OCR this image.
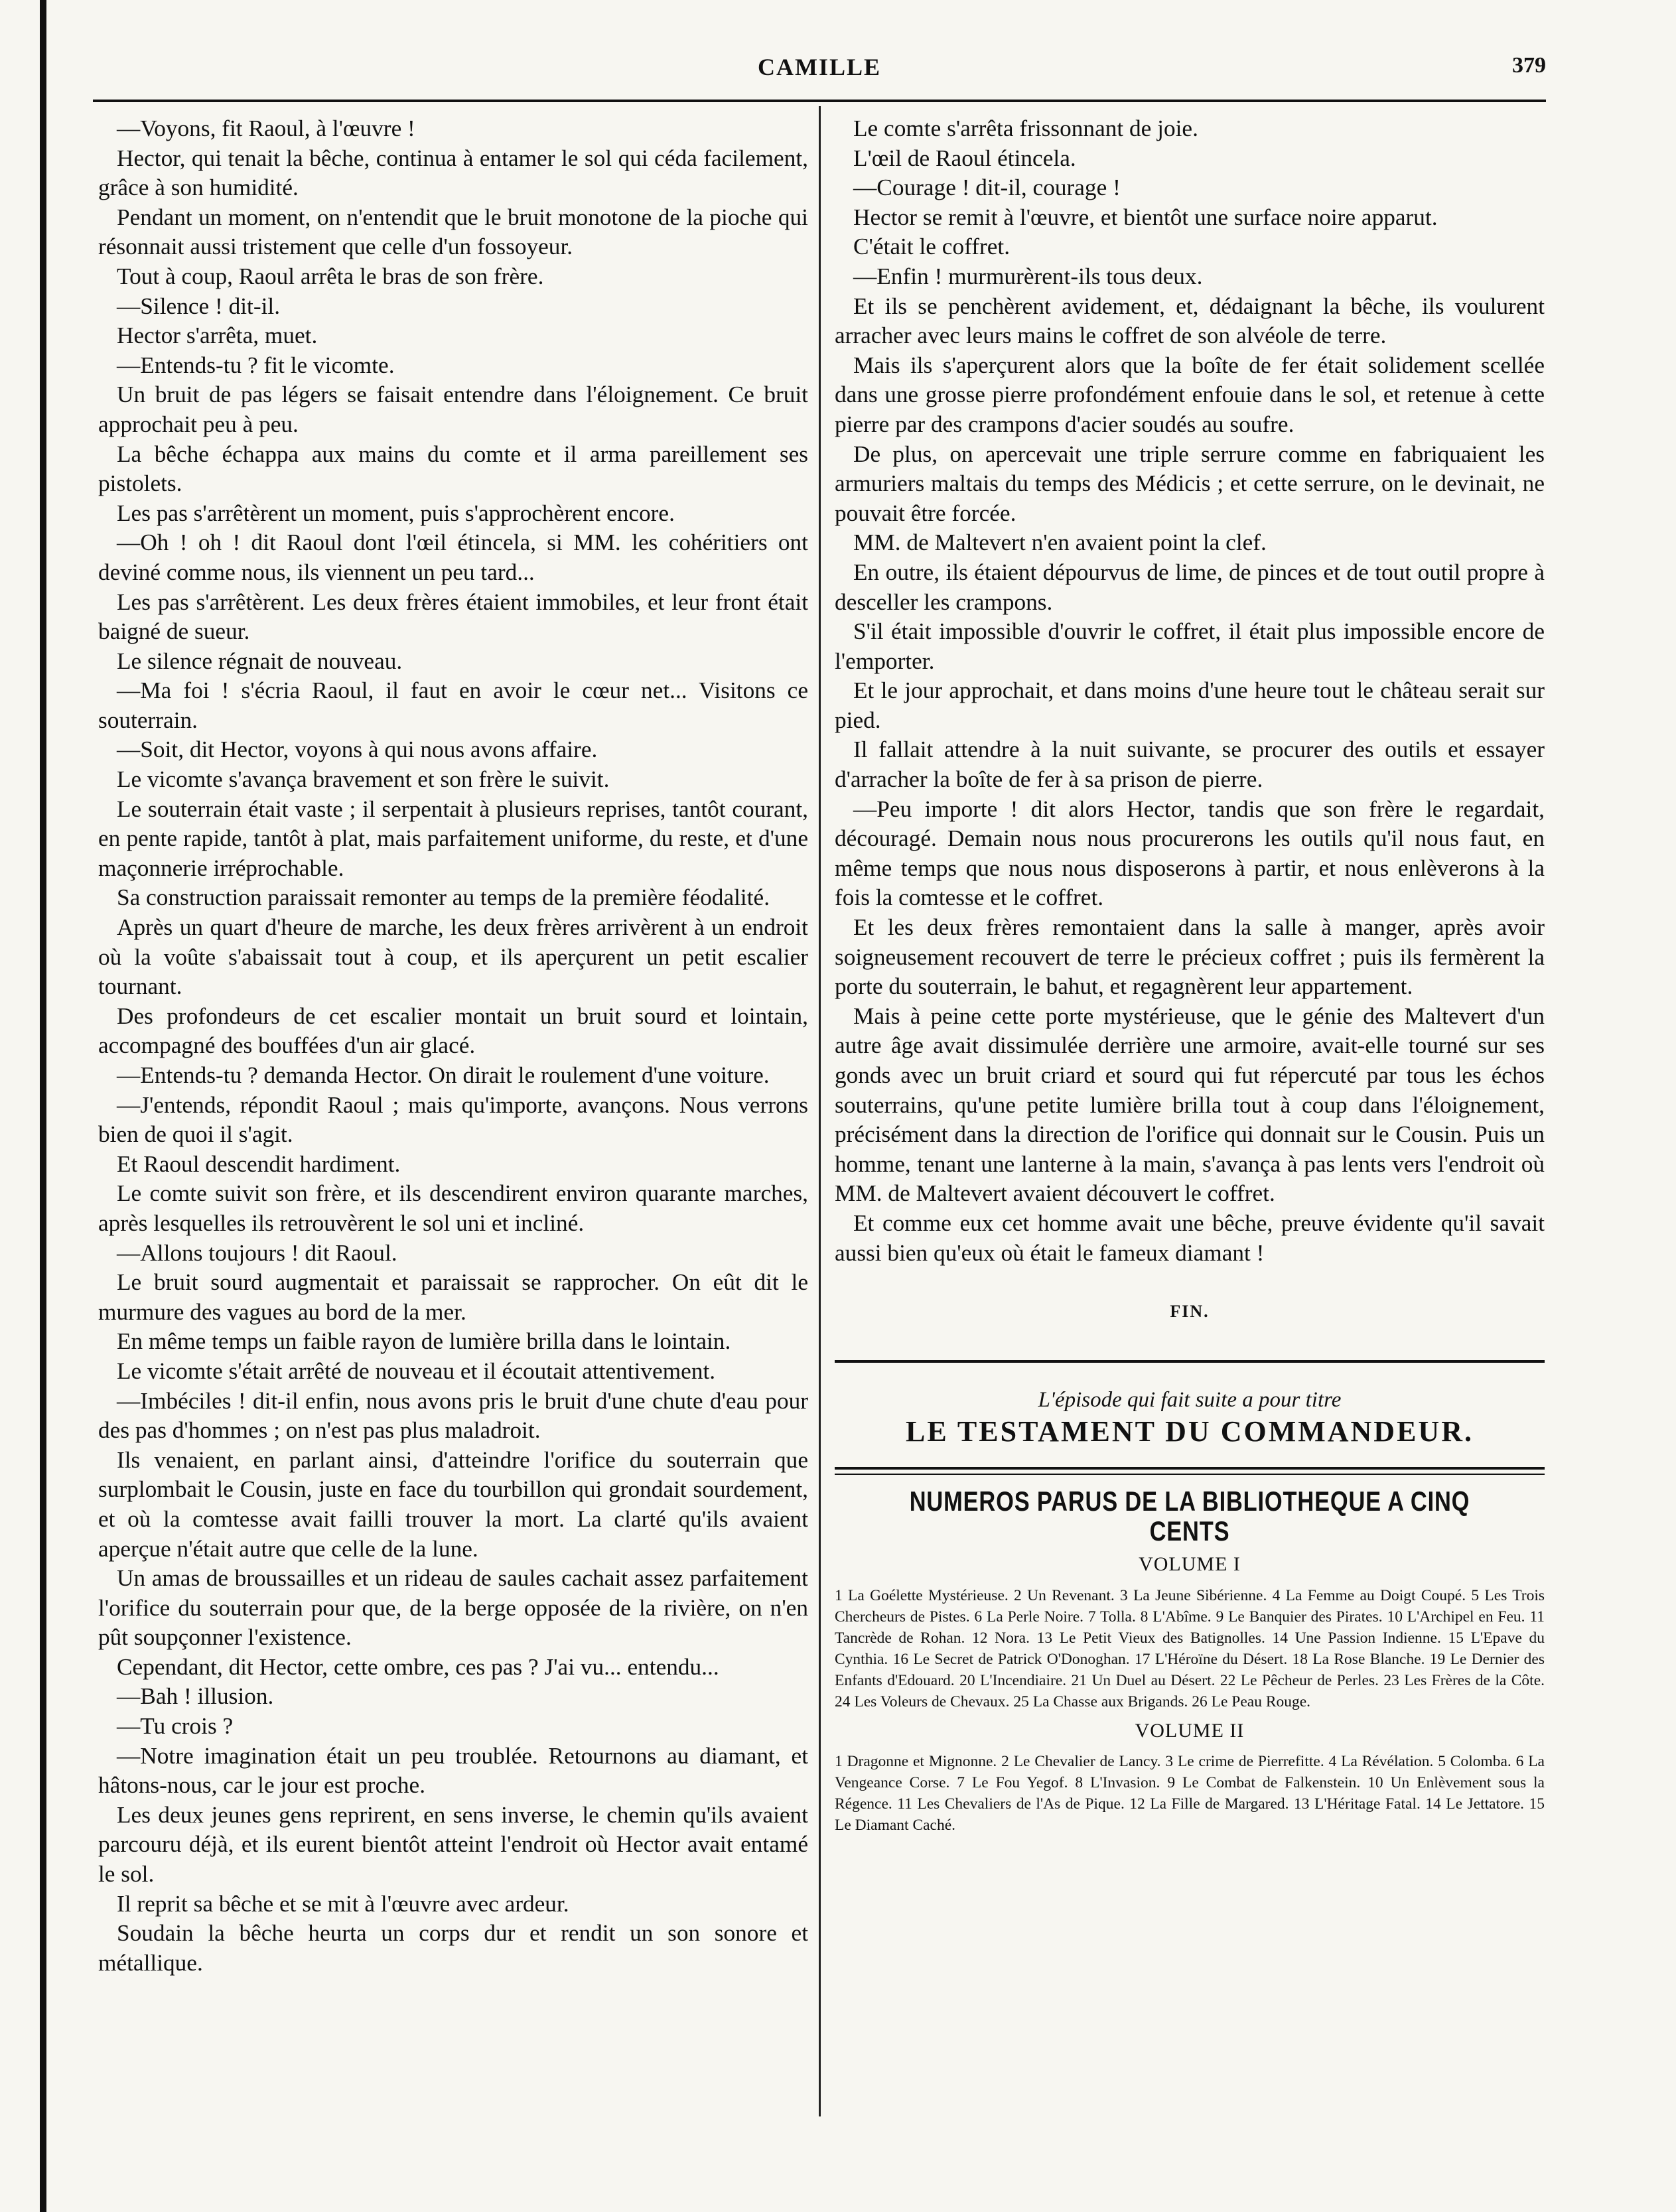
CAMILLE	379

—Voyons, fit Raoul, à l'œuvre !

Hector, qui tenait la bêche, continua à entamer le sol qui céda facilement, grâce à son humidité.

Pendant un moment, on n'entendit que le bruit monotone de la pioche qui résonnait aussi tristement que celle d'un fossoyeur.

Tout à coup, Raoul arrêta le bras de son frère.

—Silence ! dit-il.

Hector s'arrêta, muet.

—Entends-tu ? fit le vicomte.

Un bruit de pas légers se faisait entendre dans l'éloignement. Ce bruit approchait peu à peu.

La bêche échappa aux mains du comte et il arma pareillement ses pistolets.

Les pas s'arrêtèrent un moment, puis s'approchèrent encore.

—Oh ! oh ! dit Raoul dont l'œil étincela, si MM. les cohéritiers ont deviné comme nous, ils viennent un peu tard...

Les pas s'arrêtèrent. Les deux frères étaient immobiles, et leur front était baigné de sueur.

Le silence régnait de nouveau.

—Ma foi ! s'écria Raoul, il faut en avoir le cœur net... Visitons ce souterrain.

—Soit, dit Hector, voyons à qui nous avons affaire.

Le vicomte s'avança bravement et son frère le suivit.

Le souterrain était vaste ; il serpentait à plusieurs reprises, tantôt courant, en pente rapide, tantôt à plat, mais parfaitement uniforme, du reste, et d'une maçonnerie irréprochable.

Sa construction paraissait remonter au temps de la première féodalité.

Après un quart d'heure de marche, les deux frères arrivèrent à un endroit où la voûte s'abaissait tout à coup, et ils aperçurent un petit escalier tournant.

Des profondeurs de cet escalier montait un bruit sourd et lointain, accompagné des bouffées d'un air glacé.

—Entends-tu ? demanda Hector. On dirait le roulement d'une voiture.

—J'entends, répondit Raoul ; mais qu'importe, avançons. Nous verrons bien de quoi il s'agit.

Et Raoul descendit hardiment.

Le comte suivit son frère, et ils descendirent environ quarante marches, après lesquelles ils retrouvèrent le sol uni et incliné.

—Allons toujours ! dit Raoul.

Le bruit sourd augmentait et paraissait se rapprocher. On eût dit le murmure des vagues au bord de la mer.

En même temps un faible rayon de lumière brilla dans le lointain.

Le vicomte s'était arrêté de nouveau et il écoutait attentivement.

—Imbéciles ! dit-il enfin, nous avons pris le bruit d'une chute d'eau pour des pas d'hommes ; on n'est pas plus maladroit.

Ils venaient, en parlant ainsi, d'atteindre l'orifice du souterrain que surplombait le Cousin, juste en face du tourbillon qui grondait sourdement, et où la comtesse avait failli trouver la mort. La clarté qu'ils avaient aperçue n'était autre que celle de la lune.

Un amas de broussailles et un rideau de saules cachait assez parfaitement l'orifice du souterrain pour que, de la berge opposée de la rivière, on n'en pût soupçonner l'existence.

Cependant, dit Hector, cette ombre, ces pas ? J'ai vu... entendu...

—Bah ! illusion.

—Tu crois ?

—Notre imagination était un peu troublée. Retournons au diamant, et hâtons-nous, car le jour est proche.

Les deux jeunes gens reprirent, en sens inverse, le chemin qu'ils avaient parcouru déjà, et ils eurent bientôt atteint l'endroit où Hector avait entamé le sol.

Il reprit sa bêche et se mit à l'œuvre avec ardeur.

Soudain la bêche heurta un corps dur et rendit un son sonore et métallique.

Le comte s'arrêta frissonnant de joie.

L'œil de Raoul étincela.

—Courage ! dit-il, courage !

Hector se remit à l'œuvre, et bientôt une surface noire apparut.

C'était le coffret.

—Enfin ! murmurèrent-ils tous deux.

Et ils se penchèrent avidement, et, dédaignant la bêche, ils voulurent arracher avec leurs mains le coffret de son alvéole de terre.

Mais ils s'aperçurent alors que la boîte de fer était solidement scellée dans une grosse pierre profondément enfouie dans le sol, et retenue à cette pierre par des crampons d'acier soudés au soufre.

De plus, on apercevait une triple serrure comme en fabriquaient les armuriers maltais du temps des Médicis ; et cette serrure, on le devinait, ne pouvait être forcée.

MM. de Maltevert n'en avaient point la clef.

En outre, ils étaient dépourvus de lime, de pinces et de tout outil propre à desceller les crampons.

S'il était impossible d'ouvrir le coffret, il était plus impossible encore de l'emporter.

Et le jour approchait, et dans moins d'une heure tout le château serait sur pied.

Il fallait attendre à la nuit suivante, se procurer des outils et essayer d'arracher la boîte de fer à sa prison de pierre.

—Peu importe ! dit alors Hector, tandis que son frère le regardait, découragé. Demain nous nous procurerons les outils qu'il nous faut, en même temps que nous nous disposerons à partir, et nous enlèverons à la fois la comtesse et le coffret.

Et les deux frères remontaient dans la salle à manger, après avoir soigneusement recouvert de terre le précieux coffret ; puis ils fermèrent la porte du souterrain, le bahut, et regagnèrent leur appartement.

Mais à peine cette porte mystérieuse, que le génie des Maltevert d'un autre âge avait dissimulée derrière une armoire, avait-elle tourné sur ses gonds avec un bruit criard et sourd qui fut répercuté par tous les échos souterrains, qu'une petite lumière brilla tout à coup dans l'éloignement, précisément dans la direction de l'orifice qui donnait sur le Cousin. Puis un homme, tenant une lanterne à la main, s'avança à pas lents vers l'endroit où MM. de Maltevert avaient découvert le coffret.

Et comme eux cet homme avait une bêche, preuve évidente qu'il savait aussi bien qu'eux où était le fameux diamant !

FIN.

L'épisode qui fait suite a pour titre

LE TESTAMENT DU COMMANDEUR.

NUMEROS PARUS DE LA BIBLIOTHEQUE A CINQ CENTS

VOLUME I

1 La Goélette Mystérieuse. 2 Un Revenant. 3 La Jeune Sibérienne. 4 La Femme au Doigt Coupé. 5 Les Trois Chercheurs de Pistes. 6 La Perle Noire. 7 Tolla. 8 L'Abîme. 9 Le Banquier des Pirates. 10 L'Archipel en Feu. 11 Tancrède de Rohan. 12 Nora. 13 Le Petit Vieux des Batignolles. 14 Une Passion Indienne. 15 L'Epave du Cynthia. 16 Le Secret de Patrick O'Donoghan. 17 L'Héroïne du Désert. 18 La Rose Blanche. 19 Le Dernier des Enfants d'Edouard. 20 L'Incendiaire. 21 Un Duel au Désert. 22 Le Pêcheur de Perles. 23 Les Frères de la Côte. 24 Les Voleurs de Chevaux. 25 La Chasse aux Brigands. 26 Le Peau Rouge.

VOLUME II

1 Dragonne et Mignonne. 2 Le Chevalier de Lancy. 3 Le crime de Pierrefitte. 4 La Révélation. 5 Colomba. 6 La Vengeance Corse. 7 Le Fou Yegof. 8 L'Invasion. 9 Le Combat de Falkenstein. 10 Un Enlèvement sous la Régence. 11 Les Chevaliers de l'As de Pique. 12 La Fille de Margared. 13 L'Héritage Fatal. 14 Le Jettatore. 15 Le Diamant Caché.
